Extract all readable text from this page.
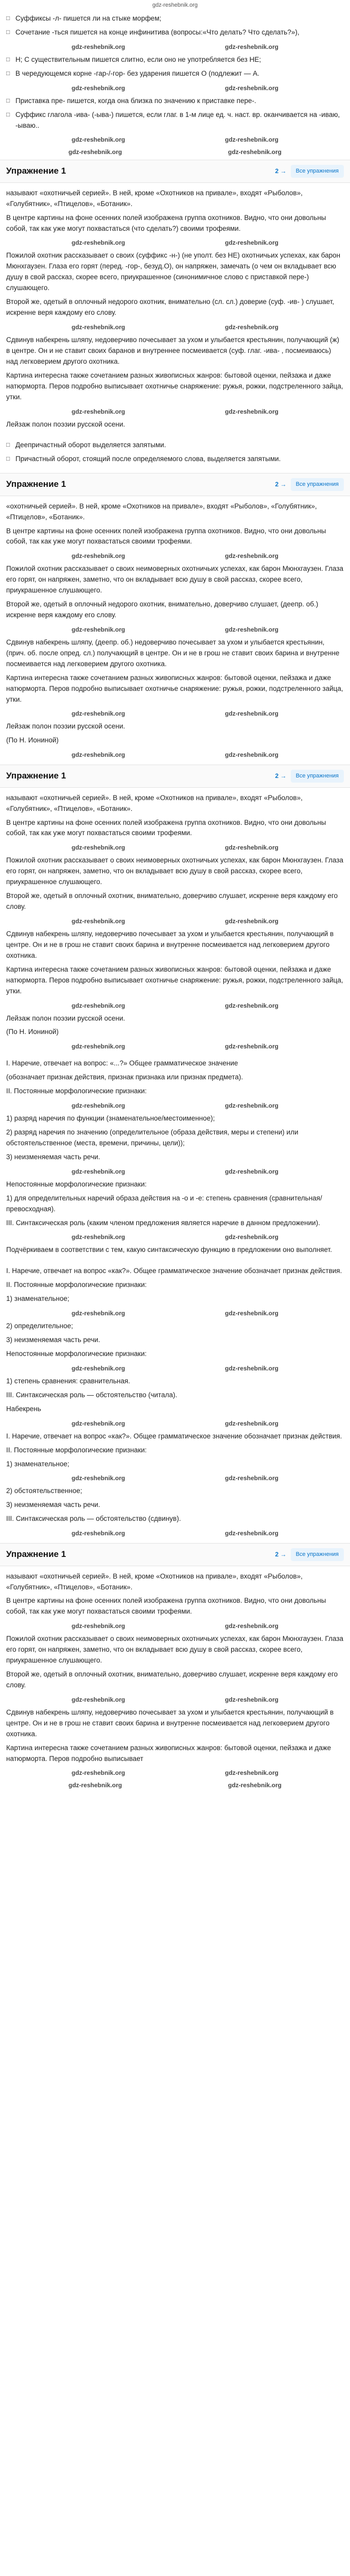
gdz-reshebnik.org

□ Суффиксы -л- пишется ли на стыке морфем;

□ Сочетание -ться пишется на конце инфинитива (вопросы:«Что делать? Что сделать?»),

gdz-reshebnik.org	gdz-reshebnik.org

□ Н; С существительным пишется слитно, если оно не употребляется без НЕ;

□ В чередующемся корне -гар-/-гор- без ударения пишется О (подлежит — А.

gdz-reshebnik.org	gdz-reshebnik.org

□ Приставка пре- пишется, когда она близка по значению к приставке пере-.

□ Суффикс глагола -ива- (-ыва-) пишется, если глаг. в 1-м лице ед. ч. наст. вр. оканчивается на -иваю, -ываю..

gdz-reshebnik.org	gdz-reshebnik.org
gdz-reshebnik.org	gdz-reshebnik.org
Упражнение 1	2 →	Все упражнения

называют «охотничьей серией». В ней, кроме «Охотников на привале», входят «Рыболов», «Голубятник», «Птицелов», «Ботаник».

В центре картины на фоне осенних полей изображена группа охотников. Видно, что они довольны собой, так как уже могут похвастаться (что сделать?) своими трофеями.

gdz-reshebnik.org	gdz-reshebnik.org

Пожилой охотник рассказывает о своих (суффикс -н-) (не уполт. без НЕ) охотничьих успехах, как барон Мюнхгаузен. Глаза его горят (перед. -гор-, безуд.О), он напряжен, замечать (о чем он вкладывает всю душу в свой рассказ, скорее всего, приукрашенное (синонимичное слово с приставкой пере-) слушающего.

Второй же, одетый в оплочный недорого охотник, внимательно (сл. сл.) доверие (суф. -ив- ) слушает, искренне веря каждому его слову.

gdz-reshebnik.org	gdz-reshebnik.org

Сдвинув набекрень шляпу, недоверчиво почесывает за ухом и улыбается крестьянин, получающий (ж) в центре. Он и не ставит своих баранов и внутреннее посмеивается (суф. глаг. -ива- , посмеиваюсь) над легковерием другого охотника.

Картина интересна также сочетанием разных живописных жанров: бытовой оценки, пейзажа и даже натюрморта. Перов подробно выписывает охотничье снаряжение: ружья, рожки, подстреленного зайца, утки.

gdz-reshebnik.org	gdz-reshebnik.org

Лейзаж полон поэзии русской осени.

□ Деепричастный оборот выделяется запятыми.

□ Причастный оборот, стоящий после определяемого слова, выделяется запятыми.

Упражнение 1	2 →	Все упражнения

«охотничьей серией». В ней, кроме «Охотников на привале», входят «Рыболов», «Голубятник», «Птицелов», «Ботаник».

В центре картины на фоне осенних полей изображена группа охотников. Видно, что они довольны собой, так как уже могут похвастаться своими трофеями.

gdz-reshebnik.org	gdz-reshebnik.org

Пожилой охотник рассказывает о своих неимоверных охотничьих успехах, как барон Мюнхгаузен. Глаза его горят, он напряжен, заметно, что он вкладывает всю душу в свой рассказ, скорее всего, приукрашенное слушающего.

Второй же, одетый в оплочный недорого охотник, внимательно, доверчиво слушает, (деепр. об.) искренне веря каждому его слову.

gdz-reshebnik.org	gdz-reshebnik.org

Сдвинув набекрень шляпу, (деепр. об.) недоверчиво почесывает за ухом и улыбается крестьянин, (прич. об. после опред. сл.) получающий в центре. Он и не в грош не ставит своих барина и внутренне посмеивается над легковерием другого охотника.

Картина интересна также сочетанием разных живописных жанров: бытовой оценки, пейзажа и даже натюрморта. Перов подробно выписывает охотничье снаряжение: ружья, рожки, подстреленного зайца, утки.

gdz-reshebnik.org	gdz-reshebnik.org

Лейзаж полон поэзии русской осени.

(По Н. Иониной)

gdz-reshebnik.org	gdz-reshebnik.org
Упражнение 1	2 →	Все упражнения

называют «охотничьей серией». В ней, кроме «Охотников на привале», входят «Рыболов», «Голубятник», «Птицелов», «Ботаник».

В центре картины на фоне осенних полей изображена группа охотников. Видно, что они довольны собой, так как уже могут похвастаться своими трофеями.

gdz-reshebnik.org	gdz-reshebnik.org

Пожилой охотник рассказывает о своих неимоверных охотничьих успехах, как барон Мюнхгаузен. Глаза его горят, он напряжен, заметно, что он вкладывает всю душу в свой рассказ, скорее всего, приукрашенное слушающего.

Второй же, одетый в оплочный охотник, внимательно, доверчиво слушает, искренне веря каждому его слову.

gdz-reshebnik.org	gdz-reshebnik.org

Сдвинув набекрень шляпу, недоверчиво почесывает за ухом и улыбается крестьянин, получающий в центре. Он и не в грош не ставит своих барина и внутренне посмеивается над легковерием другого охотника.

Картина интересна также сочетанием разных живописных жанров: бытовой оценки, пейзажа и даже натюрморта. Перов подробно выписывает охотничье снаряжение: ружья, рожки, подстреленного зайца, утки.

gdz-reshebnik.org	gdz-reshebnik.org

Лейзаж полон поэзии русской осени.

(По Н. Иониной)

gdz-reshebnik.org	gdz-reshebnik.org

I. Наречие, отвечает на вопрос: «...?» Общее грамматическое значение

(обозначает признак действия, признак признака или признак предмета).

II. Постоянные морфологические признаки:

gdz-reshebnik.org	gdz-reshebnik.org

1) разряд наречия по функции (знаменательное/местоименное);

2) разряд наречия по значению (определительное (образа действия, меры и степени) или обстоятельственное (места, времени, причины, цели));

3) неизменяемая часть речи.

gdz-reshebnik.org	gdz-reshebnik.org

Непостоянные морфологические признаки:

1) для определительных наречий образа действия на -о и -е: степень сравнения (сравнительная/превосходная).

III. Синтаксическая роль (каким членом предложения является наречие в данном предложении).

gdz-reshebnik.org	gdz-reshebnik.org

Подчёркиваем в соответствии с тем, какую синтаксическую функцию в предложении оно выполняет.

I. Наречие, отвечает на вопрос «как?». Общее грамматическое значение обозначает признак действия.

II. Постоянные морфологические признаки:

1) знаменательное;

gdz-reshebnik.org	gdz-reshebnik.org

2) определительное;

3) неизменяемая часть речи.

Непостоянные морфологические признаки:

gdz-reshebnik.org	gdz-reshebnik.org

1) степень сравнения: сравнительная.

III. Синтаксическая роль — обстоятельство (читала).

Набекрень

gdz-reshebnik.org	gdz-reshebnik.org

I. Наречие, отвечает на вопрос «как?». Общее грамматическое значение обозначает признак действия.

II. Постоянные морфологические признаки:

1) знаменательное;

gdz-reshebnik.org	gdz-reshebnik.org

2) обстоятельственное;

3) неизменяемая часть речи.

III. Синтаксическая роль — обстоятельство (сдвинув).

gdz-reshebnik.org	gdz-reshebnik.org
Упражнение 1	2 →	Все упражнения

называют «охотничьей серией». В ней, кроме «Охотников на привале», входят «Рыболов», «Голубятник», «Птицелов», «Ботаник».

В центре картины на фоне осенних полей изображена группа охотников. Видно, что они довольны собой, так как уже могут похвастаться своими трофеями.

gdz-reshebnik.org	gdz-reshebnik.org

Пожилой охотник рассказывает о своих неимоверных охотничьих успехах, как барон Мюнхгаузен. Глаза его горят, он напряжен, заметно, что он вкладывает всю душу в свой рассказ, скорее всего, приукрашенное слушающего.

Второй же, одетый в оплочный охотник, внимательно, доверчиво слушает, искренне веря каждому его слову.

gdz-reshebnik.org	gdz-reshebnik.org

Сдвинув набекрень шляпу, недоверчиво почесывает за ухом и улыбается крестьянин, получающий в центре. Он и не в грош не ставит своих барина и внутренне посмеивается над легковерием другого охотника.

Картина интересна также сочетанием разных живописных жанров: бытовой оценки, пейзажа и даже натюрморта. Перов подробно выписывает

gdz-reshebnik.org	gdz-reshebnik.org
gdz-reshebnik.org	gdz-reshebnik.org
